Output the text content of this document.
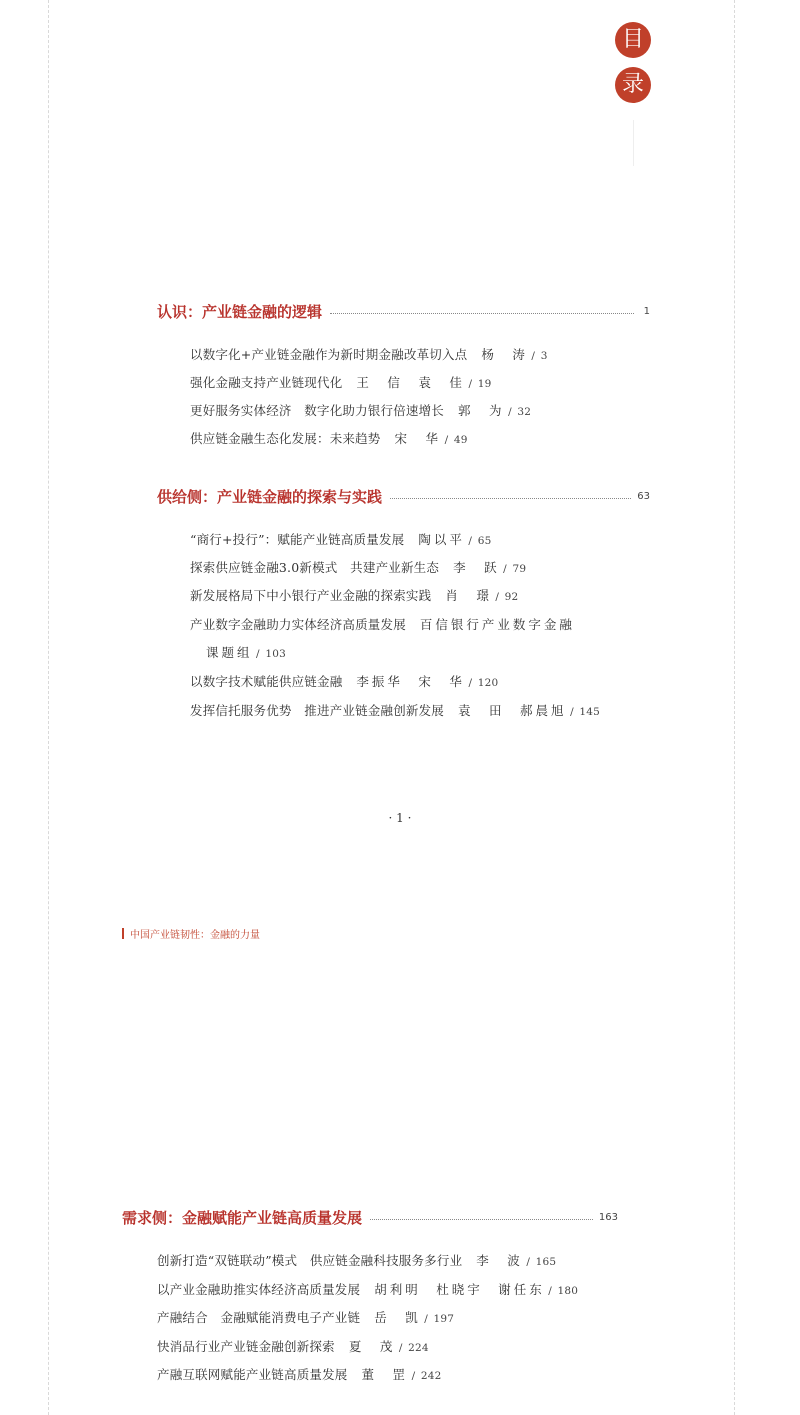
目
录
认识：产业链金融的逻辑	1
以数字化+产业链金融作为新时期金融改革切入点 杨　涛 / 3
强化金融支持产业链现代化 王　信　袁　佳 / 19
更好服务实体经济　数字化助力银行倍速增长 郭　为 / 32
供应链金融生态化发展：未来趋势 宋　华 / 49
供给侧：产业链金融的探索与实践	63
“商行+投行”：赋能产业链高质量发展 陶以平 / 65
探索供应链金融3.0新模式　共建产业新生态 李　跃 / 79
新发展格局下中小银行产业金融的探索实践 肖　璟 / 92
产业数字金融助力实体经济高质量发展 百信银行产业数字金融
课题组 / 103
以数字技术赋能供应链金融 李振华　宋　华 / 120
发挥信托服务优势　推进产业链金融创新发展 袁　田　郝晨旭 / 145
· 1 ·
中国产业链韧性：金融的力量
需求侧：金融赋能产业链高质量发展	163
创新打造“双链联动”模式　供应链金融科技服务多行业 李　波 / 165
以产业金融助推实体经济高质量发展 胡利明　杜晓宇　谢任东 / 180
产融结合　金融赋能消费电子产业链 岳　凯 / 197
快消品行业产业链金融创新探索 夏　茂 / 224
产融互联网赋能产业链高质量发展 董　罡 / 242
